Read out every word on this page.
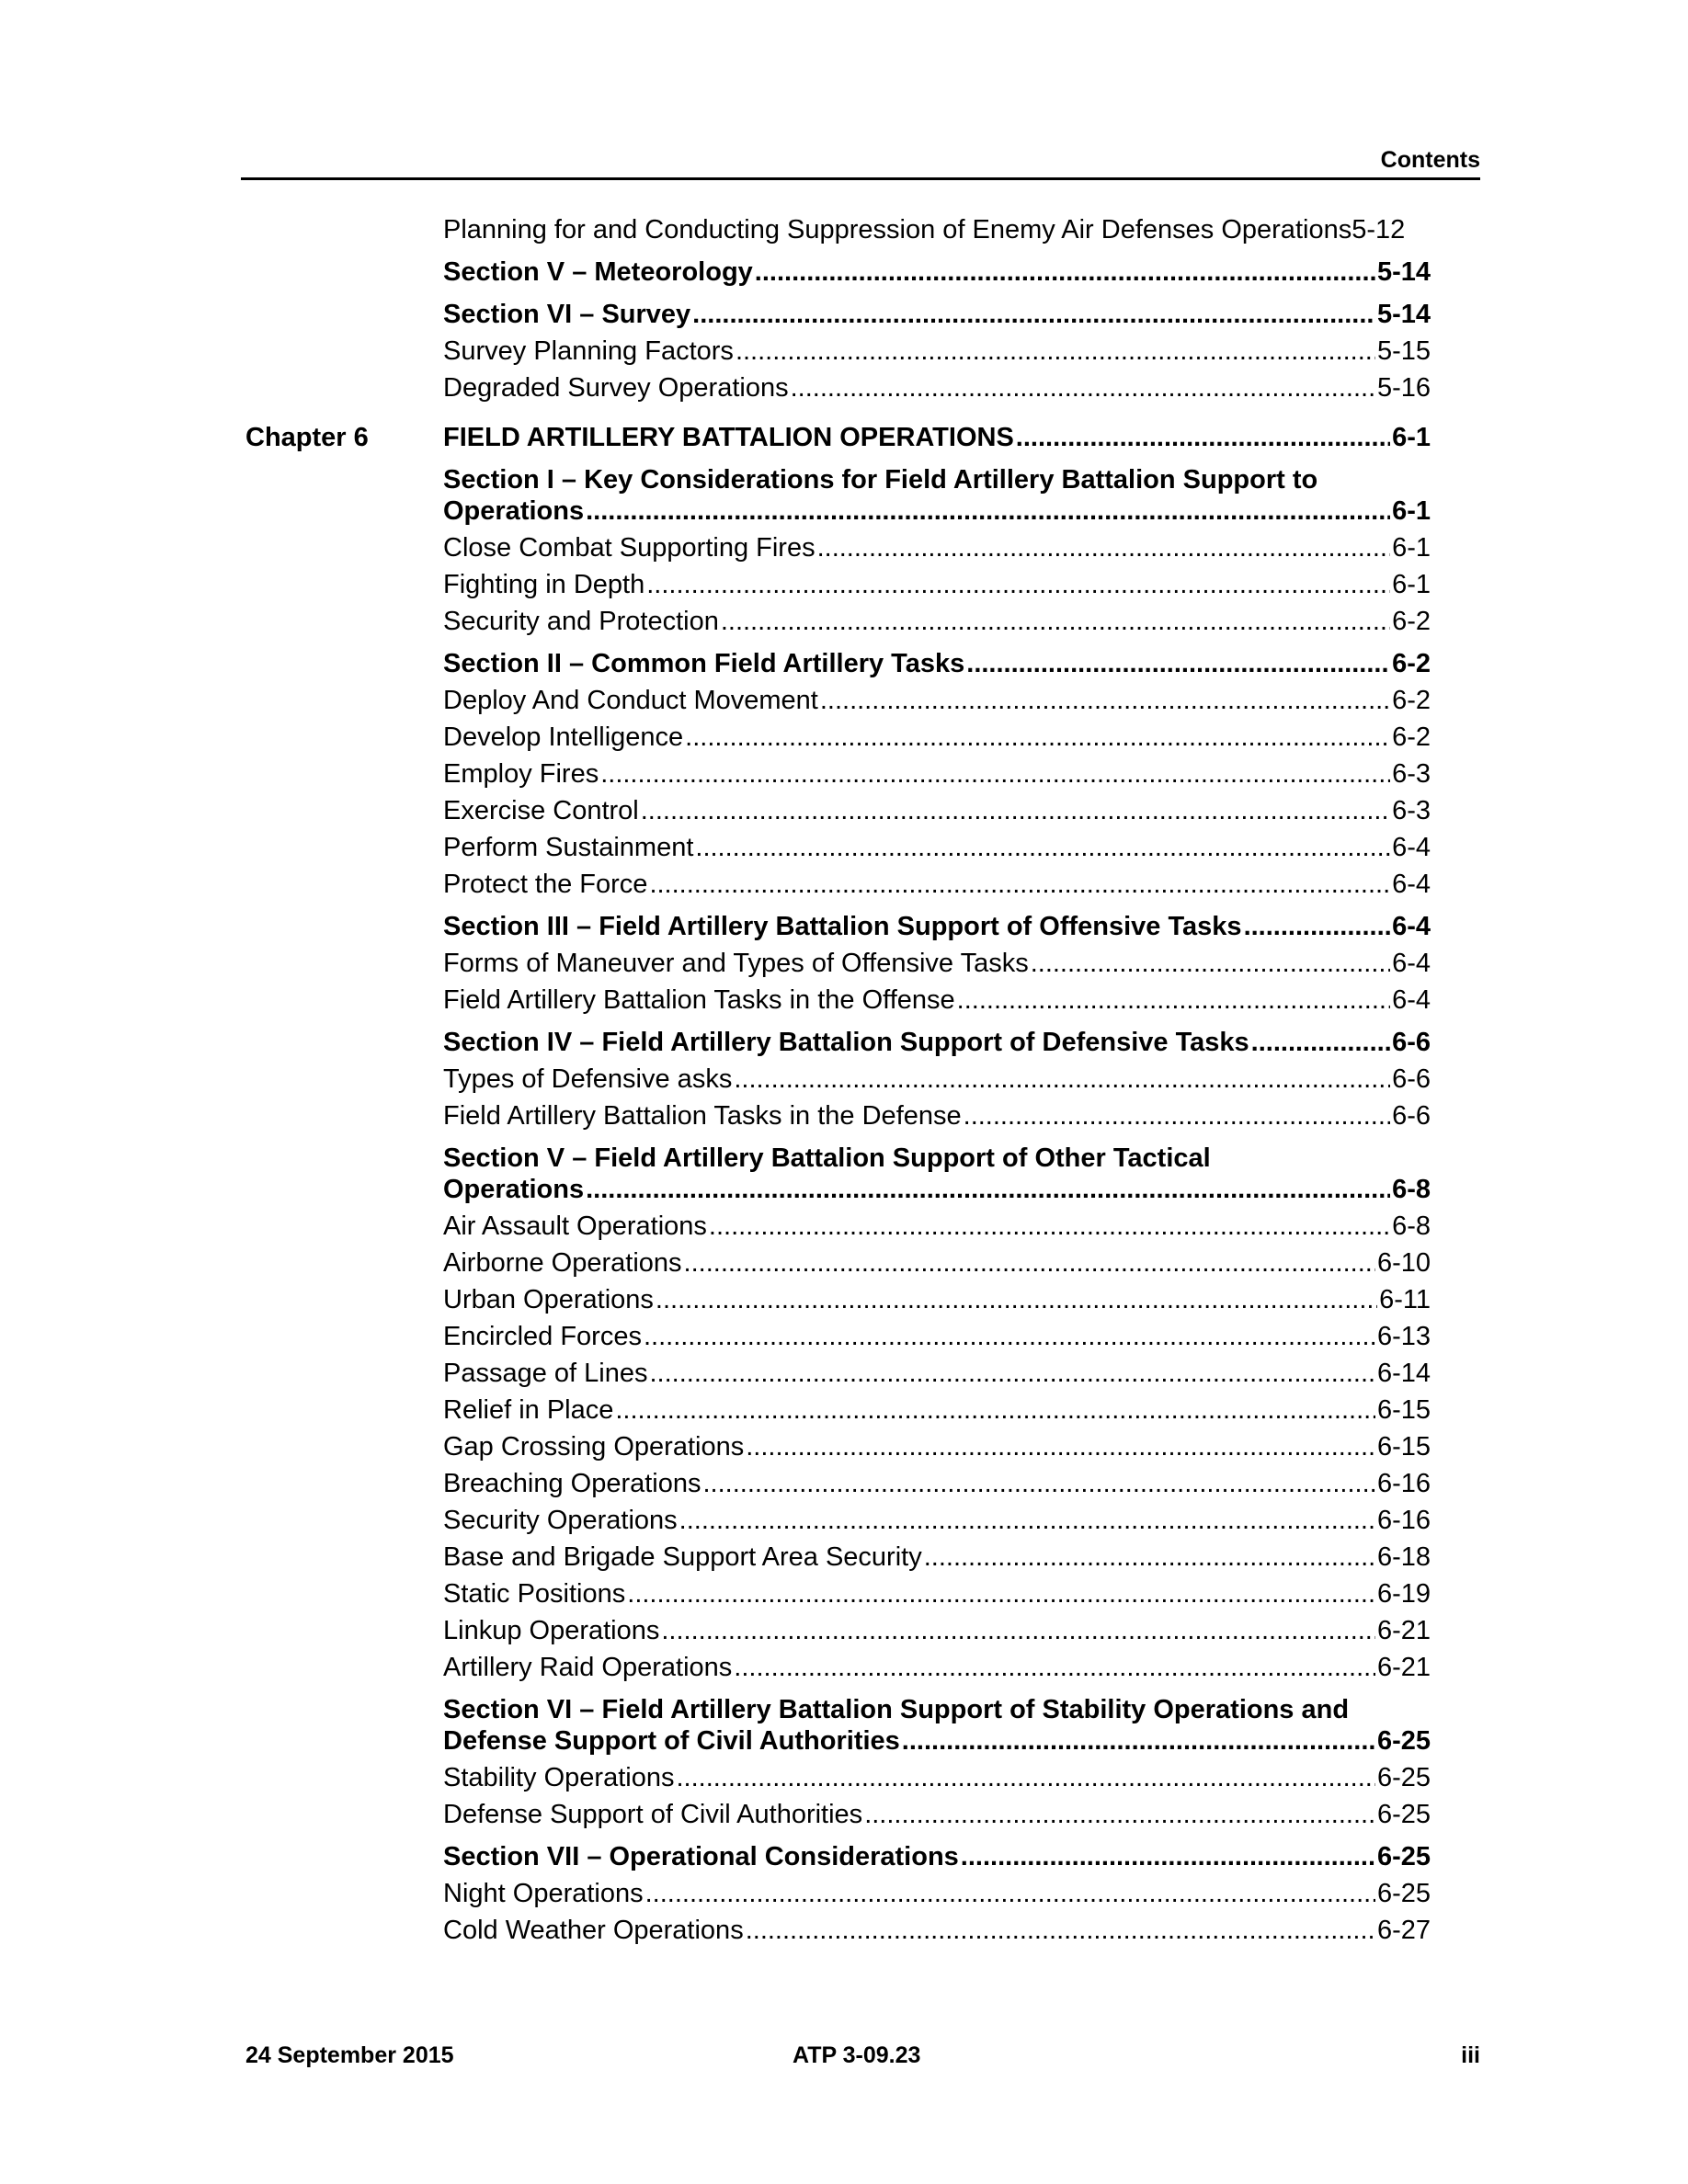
Contents
Planning for and Conducting Suppression of Enemy Air Defenses Operations 5-12
Section V – Meteorology .....	5-14
Section VI – Survey .....	5-14
Survey Planning Factors .....	5-15
Degraded Survey Operations .....	5-16
Chapter 6	FIELD ARTILLERY BATTALION OPERATIONS .....	6-1
Section I – Key Considerations for Field Artillery Battalion Support to
Operations .....	6-1
Close Combat Supporting Fires .....	6-1
Fighting in Depth .....	6-1
Security and Protection .....	6-2
Section II – Common Field Artillery Tasks .....	6-2
Deploy And Conduct Movement .....	6-2
Develop Intelligence .....	6-2
Employ Fires .....	6-3
Exercise Control .....	6-3
Perform Sustainment .....	6-4
Protect the Force .....	6-4
Section III – Field Artillery Battalion Support of Offensive Tasks .....	6-4
Forms of Maneuver and Types of Offensive Tasks .....	6-4
Field Artillery Battalion Tasks in the Offense .....	6-4
Section IV – Field Artillery Battalion Support of Defensive Tasks .....	6-6
Types of Defensive asks .....	6-6
Field Artillery Battalion Tasks in the Defense .....	6-6
Section V – Field Artillery Battalion Support of Other Tactical
Operations .....	6-8
Air Assault Operations .....	6-8
Airborne Operations .....	6-10
Urban Operations .....	6-11
Encircled Forces .....	6-13
Passage of Lines .....	6-14
Relief in Place .....	6-15
Gap Crossing Operations .....	6-15
Breaching Operations .....	6-16
Security Operations .....	6-16
Base and Brigade Support Area Security .....	6-18
Static Positions .....	6-19
Linkup Operations .....	6-21
Artillery Raid Operations .....	6-21
Section VI – Field Artillery Battalion Support of Stability Operations and
Defense Support of Civil Authorities .....	6-25
Stability Operations .....	6-25
Defense Support of Civil Authorities .....	6-25
Section VII – Operational Considerations .....	6-25
Night Operations .....	6-25
Cold Weather Operations .....	6-27
24 September 2015	ATP 3-09.23	iii
